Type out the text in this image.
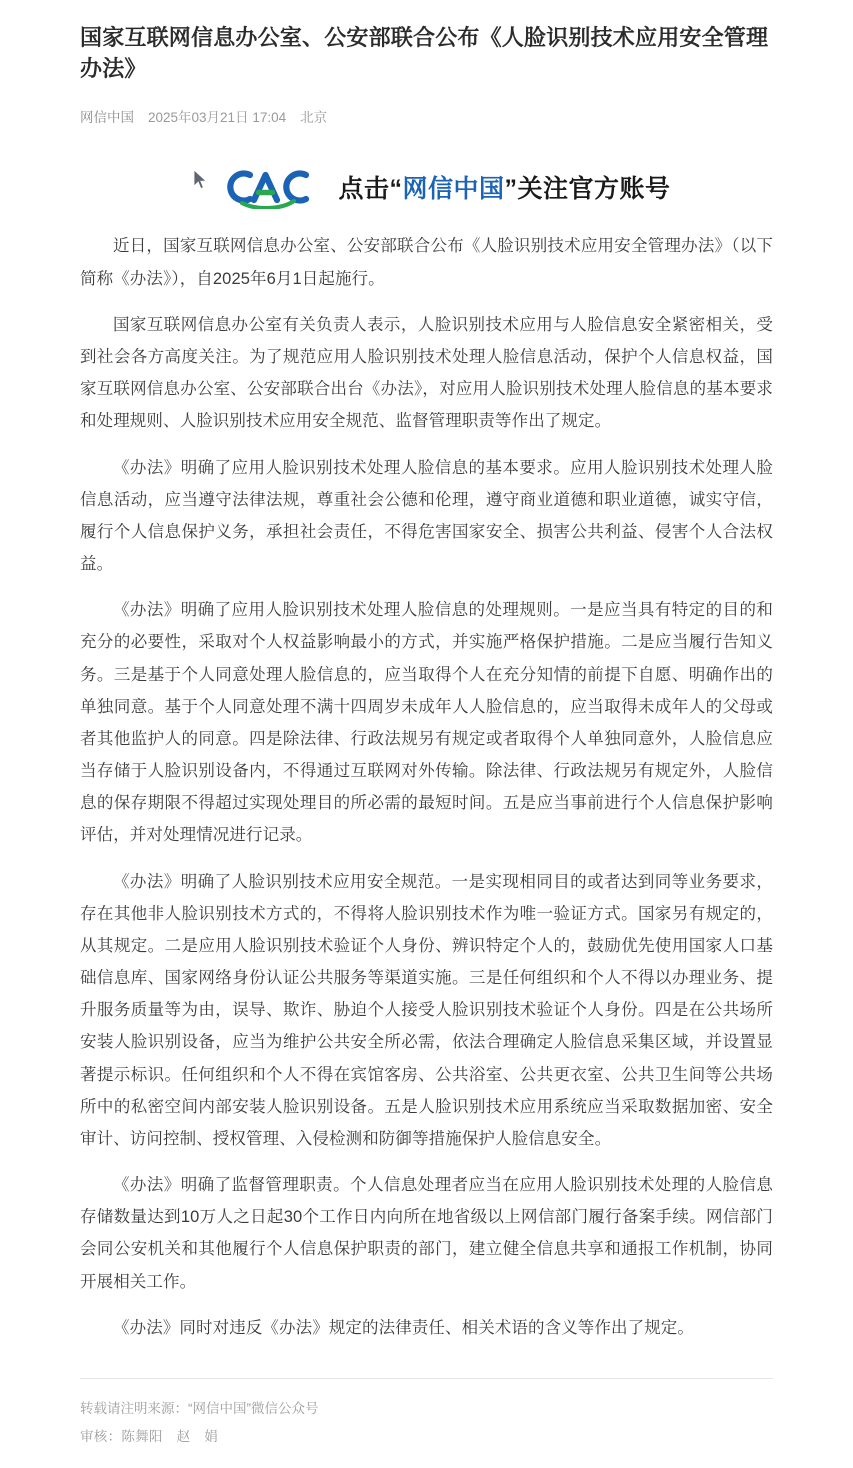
国家互联网信息办公室、公安部联合公布《人脸识别技术应用安全管理办法》
网信中国 2025年03月21日 17:04 北京
点击“网信中国”关注官方账号

近日，国家互联网信息办公室、公安部联合公布《人脸识别技术应用安全管理办法》（以下简称《办法》），自2025年6月1日起施行。

国家互联网信息办公室有关负责人表示，人脸识别技术应用与人脸信息安全紧密相关，受到社会各方高度关注。为了规范应用人脸识别技术处理人脸信息活动，保护个人信息权益，国家互联网信息办公室、公安部联合出台《办法》，对应用人脸识别技术处理人脸信息的基本要求和处理规则、人脸识别技术应用安全规范、监督管理职责等作出了规定。

《办法》明确了应用人脸识别技术处理人脸信息的基本要求。应用人脸识别技术处理人脸信息活动，应当遵守法律法规，尊重社会公德和伦理，遵守商业道德和职业道德，诚实守信，履行个人信息保护义务，承担社会责任，不得危害国家安全、损害公共利益、侵害个人合法权益。

《办法》明确了应用人脸识别技术处理人脸信息的处理规则。一是应当具有特定的目的和充分的必要性，采取对个人权益影响最小的方式，并实施严格保护措施。二是应当履行告知义务。三是基于个人同意处理人脸信息的，应当取得个人在充分知情的前提下自愿、明确作出的单独同意。基于个人同意处理不满十四周岁未成年人人脸信息的，应当取得未成年人的父母或者其他监护人的同意。四是除法律、行政法规另有规定或者取得个人单独同意外，人脸信息应当存储于人脸识别设备内，不得通过互联网对外传输。除法律、行政法规另有规定外，人脸信息的保存期限不得超过实现处理目的所必需的最短时间。五是应当事前进行个人信息保护影响评估，并对处理情况进行记录。

《办法》明确了人脸识别技术应用安全规范。一是实现相同目的或者达到同等业务要求，存在其他非人脸识别技术方式的，不得将人脸识别技术作为唯一验证方式。国家另有规定的，从其规定。二是应用人脸识别技术验证个人身份、辨识特定个人的，鼓励优先使用国家人口基础信息库、国家网络身份认证公共服务等渠道实施。三是任何组织和个人不得以办理业务、提升服务质量等为由，误导、欺诈、胁迫个人接受人脸识别技术验证个人身份。四是在公共场所安装人脸识别设备，应当为维护公共安全所必需，依法合理确定人脸信息采集区域，并设置显著提示标识。任何组织和个人不得在宾馆客房、公共浴室、公共更衣室、公共卫生间等公共场所中的私密空间内部安装人脸识别设备。五是人脸识别技术应用系统应当采取数据加密、安全审计、访问控制、授权管理、入侵检测和防御等措施保护人脸信息安全。

《办法》明确了监督管理职责。个人信息处理者应当在应用人脸识别技术处理的人脸信息存储数量达到10万人之日起30个工作日内向所在地省级以上网信部门履行备案手续。网信部门会同公安机关和其他履行个人信息保护职责的部门，建立健全信息共享和通报工作机制，协同开展相关工作。

《办法》同时对违反《办法》规定的法律责任、相关术语的含义等作出了规定。

转载请注明来源：“网信中国”微信公众号
审核：陈舞阳　赵　娟
